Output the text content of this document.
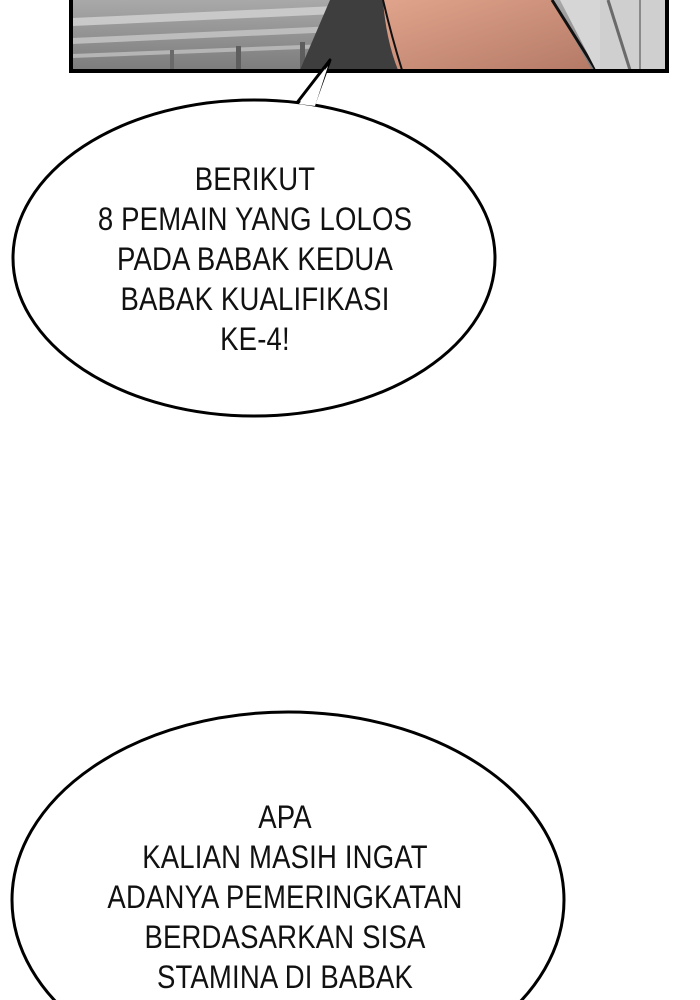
BERIKUT
8 PEMAIN YANG LOLOS
PADA BABAK KEDUA
BABAK KUALIFIKASI
KE-4!
APA
KALIAN MASIH INGAT
ADANYA PEMERINGKATAN
BERDASARKAN SISA
STAMINA DI BABAK
